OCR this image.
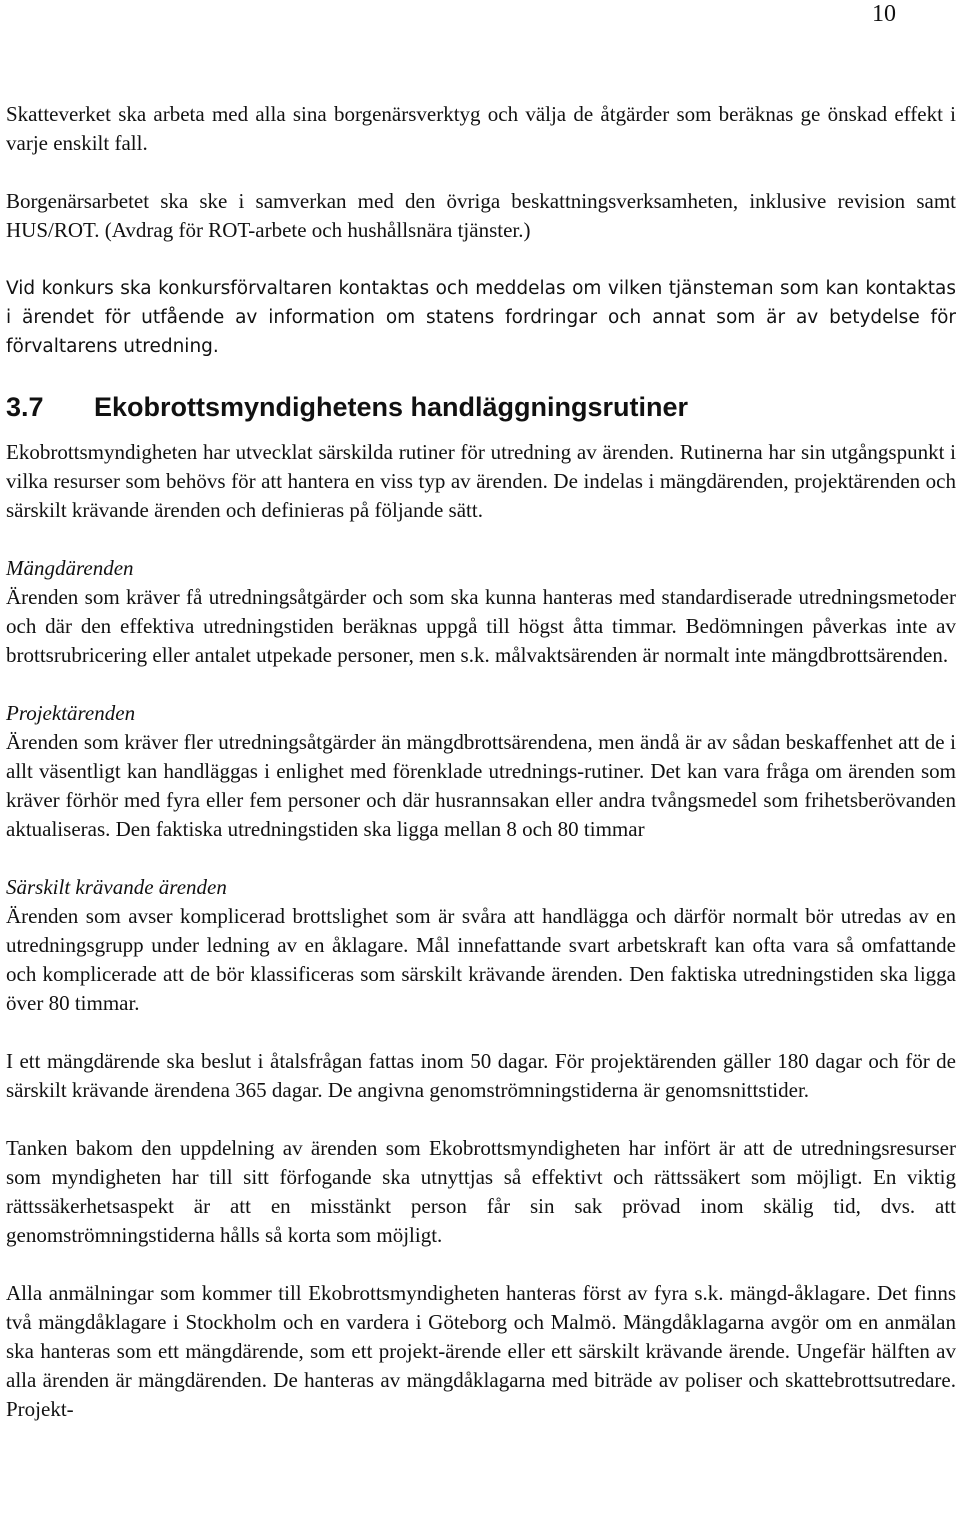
10

Skatteverket ska arbeta med alla sina borgenärsverktyg och välja de åtgärder som beräknas ge önskad effekt i varje enskilt fall.

Borgenärsarbetet ska ske i samverkan med den övriga beskattningsverksamheten, inklusive revision samt HUS/ROT. (Avdrag för ROT-arbete och hushållsnära tjänster.)

Vid konkurs ska konkursförvaltaren kontaktas och meddelas om vilken tjänsteman som kan kontaktas i ärendet för utfående av information om statens fordringar och annat som är av betydelse för förvaltarens utredning.

3.7 Ekobrottsmyndighetens handläggningsrutiner

Ekobrottsmyndigheten har utvecklat särskilda rutiner för utredning av ärenden. Rutinerna har sin utgångspunkt i vilka resurser som behövs för att hantera en viss typ av ärenden. De indelas i mängdärenden, projektärenden och särskilt krävande ärenden och definieras på följande sätt.

Mängdärenden

Ärenden som kräver få utredningsåtgärder och som ska kunna hanteras med standardiserade utredningsmetoder och där den effektiva utredningstiden beräknas uppgå till högst åtta timmar. Bedömningen påverkas inte av brottsrubricering eller antalet utpekade personer, men s.k. målvaktsärenden är normalt inte mängdbrottsärenden.

Projektärenden

Ärenden som kräver fler utredningsåtgärder än mängdbrottsärendena, men ändå är av sådan beskaffenhet att de i allt väsentligt kan handläggas i enlighet med förenklade utrednings-rutiner. Det kan vara fråga om ärenden som kräver förhör med fyra eller fem personer och där husrannsakan eller andra tvångsmedel som frihetsberövanden aktualiseras. Den faktiska utredningstiden ska ligga mellan 8 och 80 timmar

Särskilt krävande ärenden

Ärenden som avser komplicerad brottslighet som är svåra att handlägga och därför normalt bör utredas av en utredningsgrupp under ledning av en åklagare. Mål innefattande svart arbetskraft kan ofta vara så omfattande och komplicerade att de bör klassificeras som särskilt krävande ärenden. Den faktiska utredningstiden ska ligga över 80 timmar.

I ett mängdärende ska beslut i åtalsfrågan fattas inom 50 dagar. För projektärenden gäller 180 dagar och för de särskilt krävande ärendena 365 dagar. De angivna genomströmningstiderna är genomsnittstider.

Tanken bakom den uppdelning av ärenden som Ekobrottsmyndigheten har infört är att de utredningsresurser som myndigheten har till sitt förfogande ska utnyttjas så effektivt och rättssäkert som möjligt. En viktig rättssäkerhetsaspekt är att en misstänkt person får sin sak prövad inom skälig tid, dvs. att genomströmningstiderna hålls så korta som möjligt.

Alla anmälningar som kommer till Ekobrottsmyndigheten hanteras först av fyra s.k. mängd-åklagare. Det finns två mängdåklagare i Stockholm och en vardera i Göteborg och Malmö. Mängdåklagarna avgör om en anmälan ska hanteras som ett mängdärende, som ett projekt-ärende eller ett särskilt krävande ärende. Ungefär hälften av alla ärenden är mängdärenden. De hanteras av mängdåklagarna med biträde av poliser och skattebrottsutredare. Projekt-
